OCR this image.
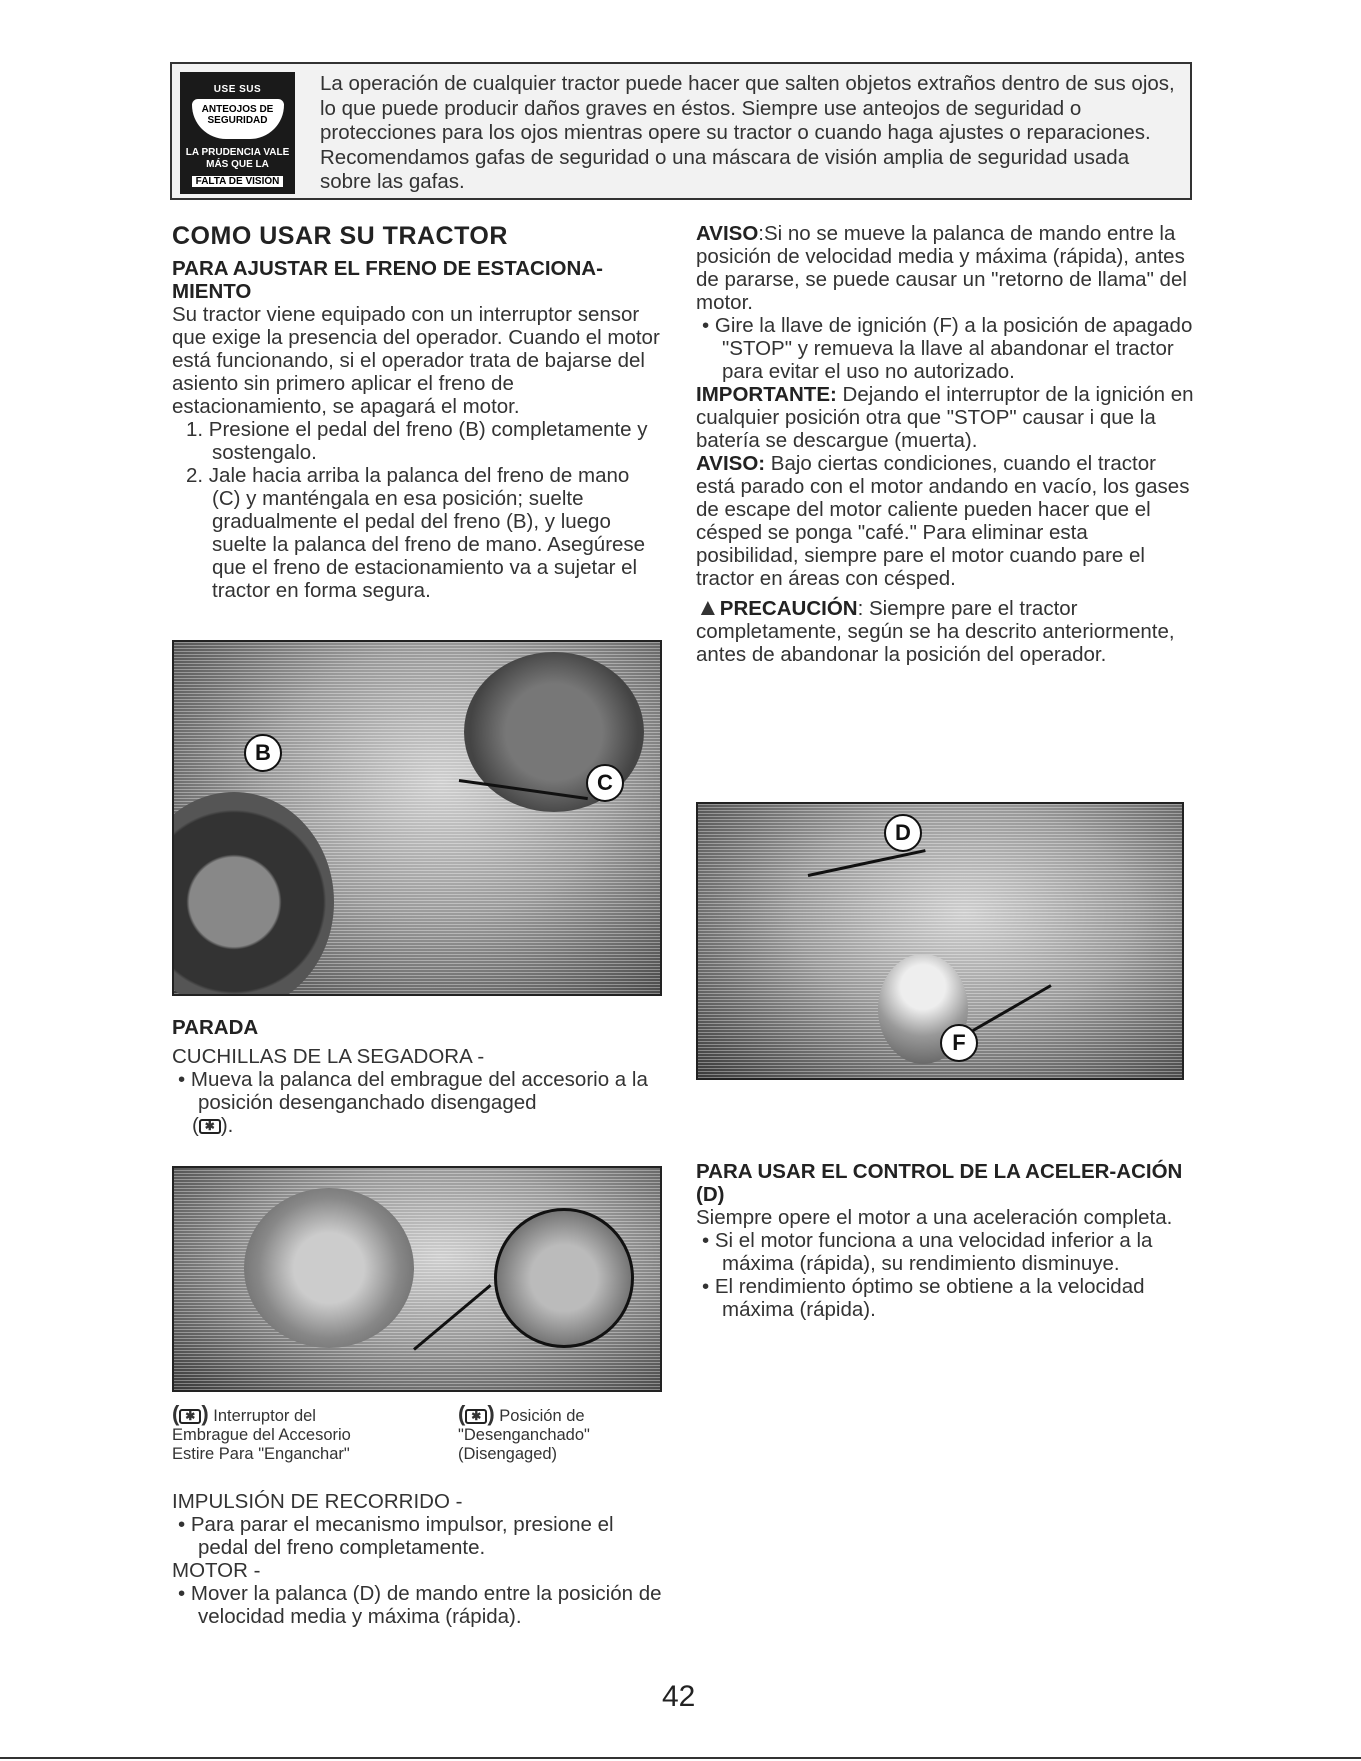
USE SUS
ANTEOJOS DE SEGURIDAD
LA PRUDENCIA VALE MÁS QUE LA
FALTA DE VISIÓN
La operación de cualquier tractor puede hacer que salten objetos extraños dentro de sus ojos, lo que puede producir daños graves en éstos. Siempre use anteojos de seguridad o protecciones para los ojos mientras opere su tractor o cuando haga ajustes o reparaciones. Recomendamos gafas de seguridad o una máscara de visión amplia de seguridad usada sobre las gafas.
COMO USAR SU TRACTOR
PARA AJUSTAR EL FRENO DE ESTACIONA-MIENTO
Su tractor viene equipado con un interruptor sensor que exige la presencia del operador. Cuando el motor está funcionando, si el operador trata de bajarse del asiento sin primero aplicar el freno de estacionamiento, se apagará el motor.
1. Presione el pedal del freno (B) completamente y sostengalo.
2. Jale hacia arriba la palanca del freno de mano (C) y manténgala en esa posición; suelte gradualmente el pedal del freno (B), y luego suelte la palanca del freno de mano. Asegúrese que el freno de estacionamiento va a sujetar el tractor en forma segura.
B
C
PARADA
CUCHILLAS DE LA SEGADORA -
• Mueva la palanca del embrague del accesorio a la posición desenganchado disengaged
( ✱ ).
( ✱ ) Interruptor del
Embrague del Accesorio
Estire Para "Enganchar"
( ✱ ) Posición de
"Desenganchado"
(Disengaged)
IMPULSIÓN DE RECORRIDO -
• Para parar el mecanismo impulsor, presione el pedal del freno completamente.
MOTOR -
• Mover la palanca (D) de mando entre la posición de velocidad media y máxima (rápida).
AVISO:Si no se mueve la palanca de mando entre la posición de velocidad media y máxima (rápida), antes de pararse, se puede causar un "retorno de llama" del motor.
• Gire la llave de ignición (F) a la posición de apagado "STOP" y remueva la llave al abandonar el tractor para evitar el uso no autorizado.
IMPORTANTE: Dejando el interruptor de la ignición en cualquier posición otra que "STOP" causar i que la batería se descargue (muerta).
AVISO: Bajo ciertas condiciones, cuando el tractor está parado con el motor andando en vacío, los gases de escape del motor caliente pueden hacer que el césped se ponga "café." Para eliminar esta posibilidad, siempre pare el motor cuando pare el tractor en áreas con césped.
▲PRECAUCIÓN: Siempre pare el tractor completamente, según se ha descrito anteriormente, antes de abandonar la posición del operador.
D
F
PARA USAR EL CONTROL DE LA ACELER-ACIÓN (D)
Siempre opere el motor a una aceleración completa.
• Si el motor funciona a una velocidad inferior a la máxima (rápida), su rendimiento disminuye.
• El rendimiento óptimo se obtiene a la velocidad máxima (rápida).
42
